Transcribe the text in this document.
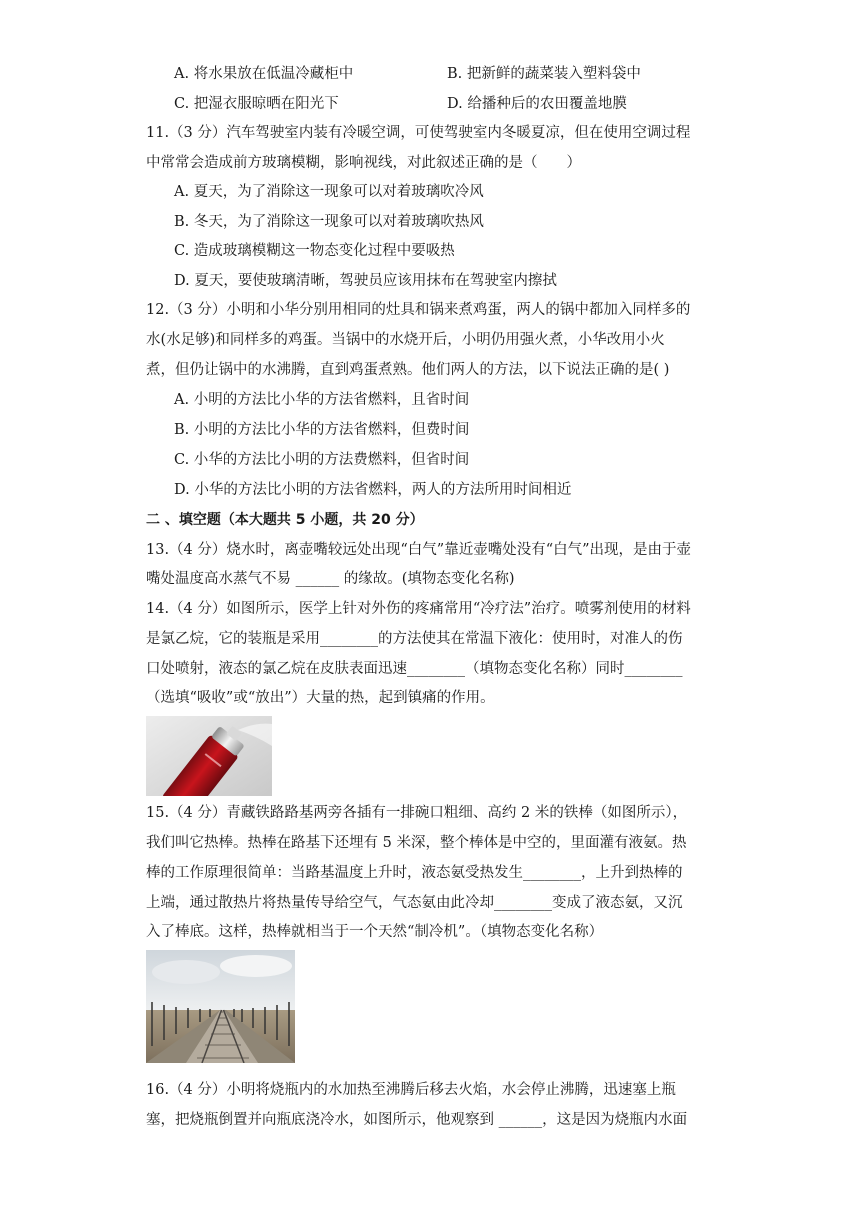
A. 将水果放在低温冷藏柜中	B. 把新鲜的蔬菜装入塑料袋中
C. 把湿衣服晾晒在阳光下	D. 给播种后的农田覆盖地膜
11.（3 分）汽车驾驶室内装有冷暖空调，可使驾驶室内冬暖夏凉，但在使用空调过程
中常常会造成前方玻璃模糊，影响视线，对此叙述正确的是（　　）
A. 夏天，为了消除这一现象可以对着玻璃吹冷风
B. 冬天，为了消除这一现象可以对着玻璃吹热风
C. 造成玻璃模糊这一物态变化过程中要吸热
D. 夏天，要使玻璃清晰，驾驶员应该用抹布在驾驶室内擦拭
12.（3 分）小明和小华分别用相同的灶具和锅来煮鸡蛋，两人的锅中都加入同样多的
水(水足够)和同样多的鸡蛋。当锅中的水烧开后，小明仍用强火煮，小华改用小火
煮，但仍让锅中的水沸腾，直到鸡蛋煮熟。他们两人的方法，以下说法正确的是( )
A. 小明的方法比小华的方法省燃料，且省时间
B. 小明的方法比小华的方法省燃料，但费时间
C. 小华的方法比小明的方法费燃料，但省时间
D. 小华的方法比小明的方法省燃料，两人的方法所用时间相近
二 、填空题（本大题共 5 小题，共 20 分）
13.（4 分）烧水时，离壶嘴较远处出现“白气”靠近壶嘴处没有“白气”出现，是由于壶
嘴处温度高水蒸气不易 ______ 的缘故。(填物态变化名称)
14.（4 分）如图所示，医学上针对外伤的疼痛常用“冷疗法”治疗。喷雾剂使用的材料
是氯乙烷，它的装瓶是采用________的方法使其在常温下液化：使用时，对准人的伤
口处喷射，液态的氯乙烷在皮肤表面迅速________（填物态变化名称）同时________
（选填“吸收”或“放出”）大量的热，起到镇痛的作用。
15.（4 分）青藏铁路路基两旁各插有一排碗口粗细、高约 2 米的铁棒（如图所示），
我们叫它热棒。热棒在路基下还埋有 5 米深，整个棒体是中空的，里面灌有液氨。热
棒的工作原理很简单：当路基温度上升时，液态氨受热发生________，上升到热棒的
上端，通过散热片将热量传导给空气，气态氨由此冷却________变成了液态氨，又沉
入了棒底。这样，热棒就相当于一个天然“制冷机”。（填物态变化名称）
16.（4 分）小明将烧瓶内的水加热至沸腾后移去火焰，水会停止沸腾，迅速塞上瓶
塞，把烧瓶倒置并向瓶底浇冷水，如图所示，他观察到 ______，这是因为烧瓶内水面
